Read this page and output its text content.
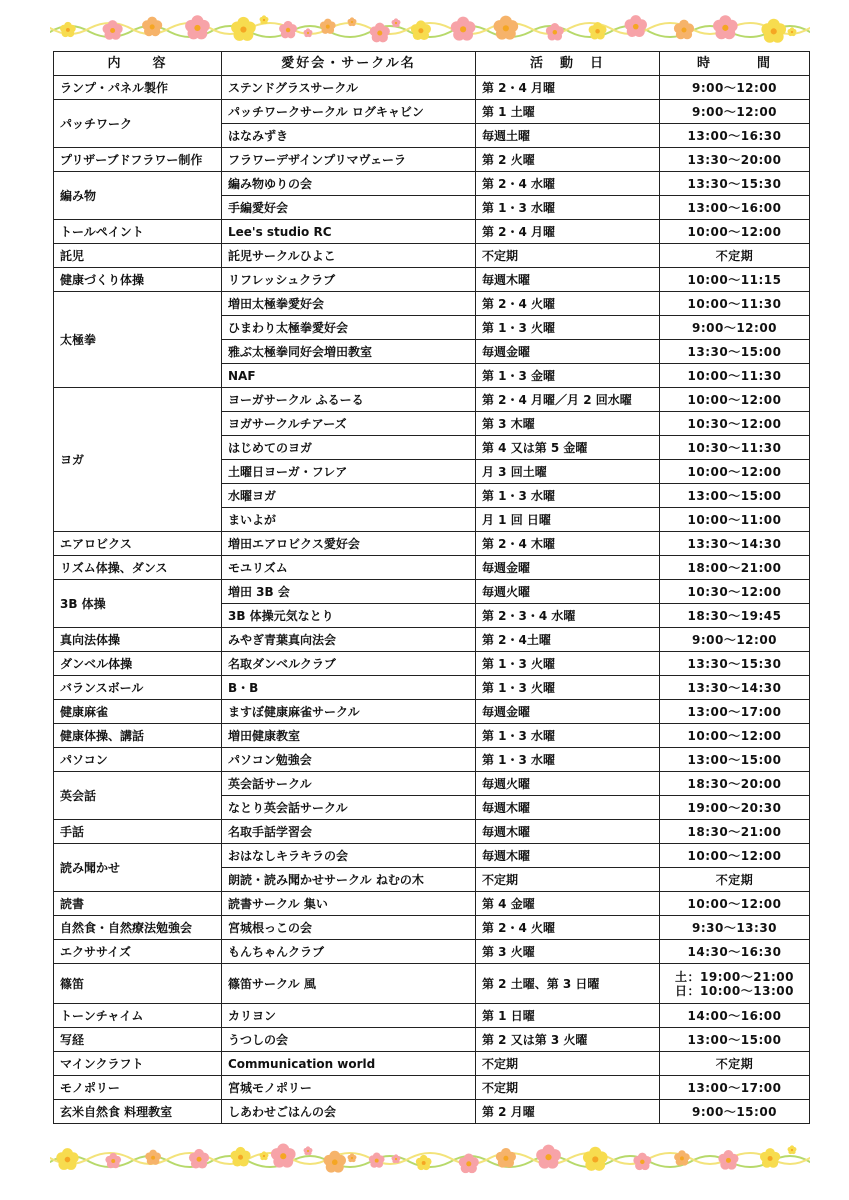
内　　容	愛好会・サークル名	活　動　日	時　　　間
ランプ・パネル製作	ステンドグラスサークル	第 2・4 月曜	9:00～12:00
パッチワーク	パッチワークサークル ログキャビン	第 1 土曜	9:00～12:00
	はなみずき	毎週土曜	13:00～16:30
プリザーブドフラワー制作	フラワーデザインプリマヴェーラ	第 2 火曜	13:30～20:00
編み物	編み物ゆりの会	第 2・4 水曜	13:30～15:30
	手編愛好会	第 1・3 水曜	13:00～16:00
トールペイント	Lee's studio RC	第 2・4 月曜	10:00～12:00
託児	託児サークルひよこ	不定期	不定期
健康づくり体操	リフレッシュクラブ	毎週木曜	10:00～11:15
太極拳	増田太極拳愛好会	第 2・4 火曜	10:00～11:30
	ひまわり太極拳愛好会	第 1・3 火曜	9:00～12:00
	雅ぶ太極拳同好会増田教室	毎週金曜	13:30～15:00
	NAF	第 1・3 金曜	10:00～11:30
ヨガ	ヨーガサークル ふるーる	第 2・4 月曜／月 2 回水曜	10:00～12:00
	ヨガサークルチアーズ	第 3 木曜	10:30～12:00
	はじめてのヨガ	第 4 又は第 5 金曜	10:30～11:30
	土曜日ヨーガ・フレア	月 3 回土曜	10:00～12:00
	水曜ヨガ	第 1・3 水曜	13:00～15:00
	まいよが	月 1 回 日曜	10:00～11:00
エアロビクス	増田エアロビクス愛好会	第 2・4 木曜	13:30～14:30
リズム体操、ダンス	モユリズム	毎週金曜	18:00～21:00
3B 体操	増田 3B 会	毎週火曜	10:30～12:00
	3B 体操元気なとり	第 2・3・4 水曜	18:30～19:45
真向法体操	みやぎ青葉真向法会	第 2・4土曜	9:00～12:00
ダンベル体操	名取ダンベルクラブ	第 1・3 火曜	13:30～15:30
バランスボール	B・B	第 1・3 火曜	13:30～14:30
健康麻雀	ますぼ健康麻雀サークル	毎週金曜	13:00～17:00
健康体操、講話	増田健康教室	第 1・3 水曜	10:00～12:00
パソコン	パソコン勉強会	第 1・3 水曜	13:00～15:00
英会話	英会話サークル	毎週火曜	18:30～20:00
	なとり英会話サークル	毎週木曜	19:00～20:30
手話	名取手話学習会	毎週木曜	18:30～21:00
読み聞かせ	おはなしキラキラの会	毎週木曜	10:00～12:00
	朗読・読み聞かせサークル ねむの木	不定期	不定期
読書	読書サークル 集い	第 4 金曜	10:00～12:00
自然食・自然療法勉強会	宮城根っこの会	第 2・4 火曜	9:30～13:30
エクササイズ	もんちゃんクラブ	第 3 火曜	14:30～16:30
篠笛	篠笛サークル 風	第 2 土曜、第 3 日曜	土：19:00～21:00
日：10:00～13:00

トーンチャイム	カリヨン	第 1 日曜	14:00～16:00
写経	うつしの会	第 2 又は第 3 火曜	13:00～15:00
マインクラフト	Communication world	不定期	不定期
モノポリー	宮城モノポリー	不定期	13:00～17:00
玄米自然食 料理教室	しあわせごはんの会	第 2 月曜	9:00～15:00
